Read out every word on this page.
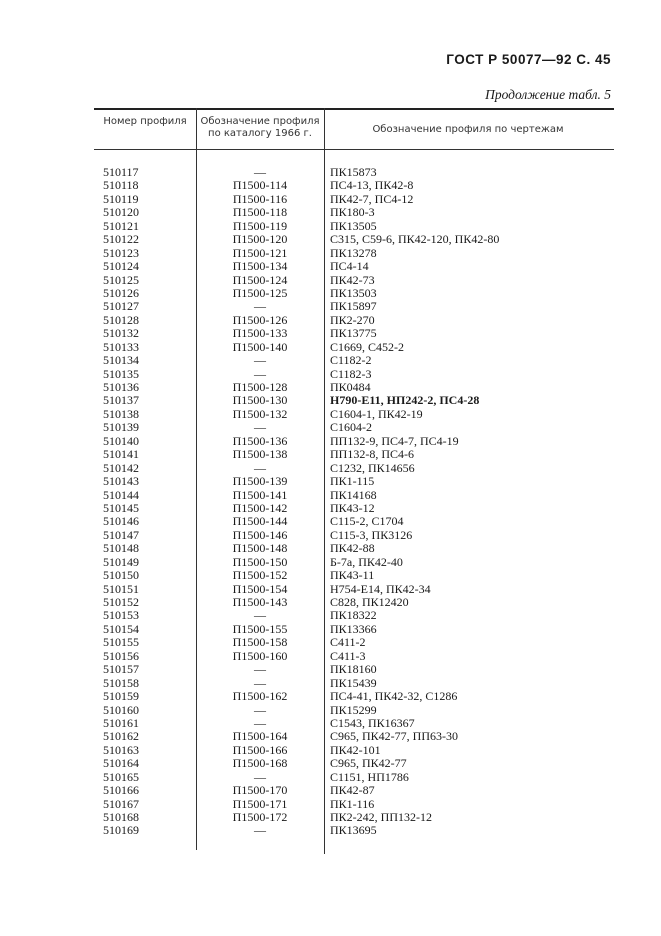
ГОСТ Р 50077—92 С. 45
Продолжение табл. 5
Номер профиля	Обозначение профиля по каталогу 1966 г.	Обозначение профиля по чертежам
510117	—	ПК15873
510118	П1500-114	ПС4-13, ПК42-8
510119	П1500-116	ПК42-7, ПС4-12
510120	П1500-118	ПК180-3
510121	П1500-119	ПК13505
510122	П1500-120	С315, С59-6, ПК42-120, ПК42-80
510123	П1500-121	ПК13278
510124	П1500-134	ПС4-14
510125	П1500-124	ПК42-73
510126	П1500-125	ПК13503
510127	—	ПК15897
510128	П1500-126	ПК2-270
510132	П1500-133	ПК13775
510133	П1500-140	С1669, С452-2
510134	—	С1182-2
510135	—	С1182-3
510136	П1500-128	ПК0484
510137	П1500-130	Н790-Е11, НП242-2, ПС4-28
510138	П1500-132	С1604-1, ПК42-19
510139	—	С1604-2
510140	П1500-136	ПП132-9, ПС4-7, ПС4-19
510141	П1500-138	ПП132-8, ПС4-6
510142	—	С1232, ПК14656
510143	П1500-139	ПК1-115
510144	П1500-141	ПК14168
510145	П1500-142	ПК43-12
510146	П1500-144	С115-2, С1704
510147	П1500-146	С115-3, ПК3126
510148	П1500-148	ПК42-88
510149	П1500-150	Б-7а, ПК42-40
510150	П1500-152	ПК43-11
510151	П1500-154	Н754-Е14, ПК42-34
510152	П1500-143	С828, ПК12420
510153	—	ПК18322
510154	П1500-155	ПК13366
510155	П1500-158	С411-2
510156	П1500-160	С411-3
510157	—	ПК18160
510158	—	ПК15439
510159	П1500-162	ПС4-41, ПК42-32, С1286
510160	—	ПК15299
510161	—	С1543, ПК16367
510162	П1500-164	С965, ПК42-77, ПП63-30
510163	П1500-166	ПК42-101
510164	П1500-168	С965, ПК42-77
510165	—	С1151, НП1786
510166	П1500-170	ПК42-87
510167	П1500-171	ПК1-116
510168	П1500-172	ПК2-242, ПП132-12
510169	—	ПК13695
